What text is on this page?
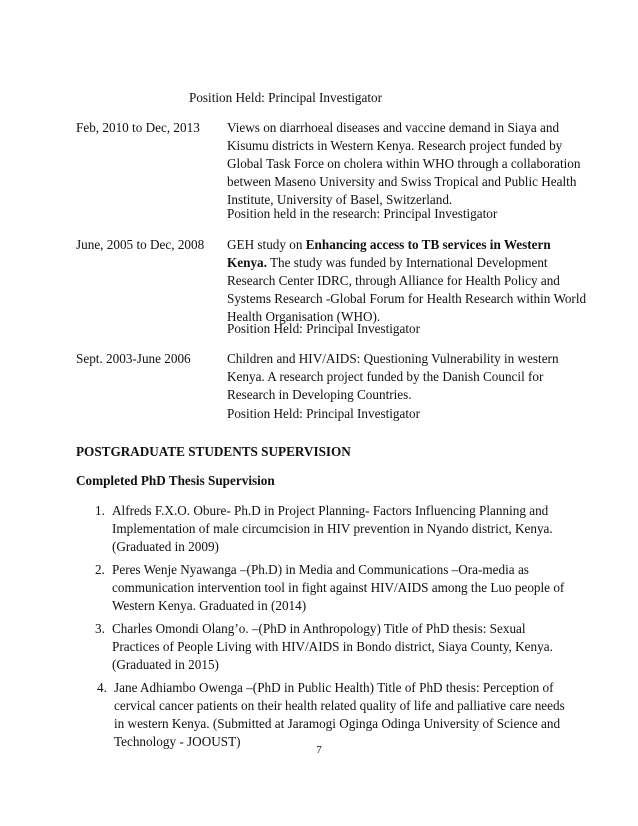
Position Held: Principal Investigator
Feb, 2010 to Dec, 2013 Views on diarrhoeal diseases and vaccine demand in Siaya and Kisumu districts in Western Kenya. Research project funded by Global Task Force on cholera within WHO through a collaboration between Maseno University and Swiss Tropical and Public Health Institute, University of Basel, Switzerland.
Position held in the research: Principal Investigator
June, 2005 to Dec, 2008 GEH study on Enhancing access to TB services in Western Kenya. The study was funded by International Development Research Center IDRC, through Alliance for Health Policy and Systems Research -Global Forum for Health Research within World Health Organisation (WHO).
Position Held: Principal Investigator
Sept. 2003-June 2006	Children and HIV/AIDS: Questioning Vulnerability in western Kenya. A research project funded by the Danish Council for Research in Developing Countries.
Position Held: Principal Investigator
POSTGRADUATE STUDENTS SUPERVISION
Completed PhD Thesis Supervision
1. Alfreds F.X.O. Obure- Ph.D in Project Planning- Factors Influencing Planning and Implementation of male circumcision in HIV prevention in Nyando district, Kenya. (Graduated in 2009)
2. Peres Wenje Nyawanga –(Ph.D) in Media and Communications –Ora-media as communication intervention tool in fight against HIV/AIDS among the Luo people of Western Kenya. Graduated in (2014)
3. Charles Omondi Olang’o. –(PhD in Anthropology) Title of PhD thesis: Sexual Practices of People Living with HIV/AIDS in Bondo district, Siaya County, Kenya. (Graduated in 2015)
4. Jane Adhiambo Owenga –(PhD in Public Health) Title of PhD thesis: Perception of cervical cancer patients on their health related quality of life and palliative care needs in western Kenya. (Submitted at Jaramogi Oginga Odinga University of Science and Technology - JOOUST)
7
